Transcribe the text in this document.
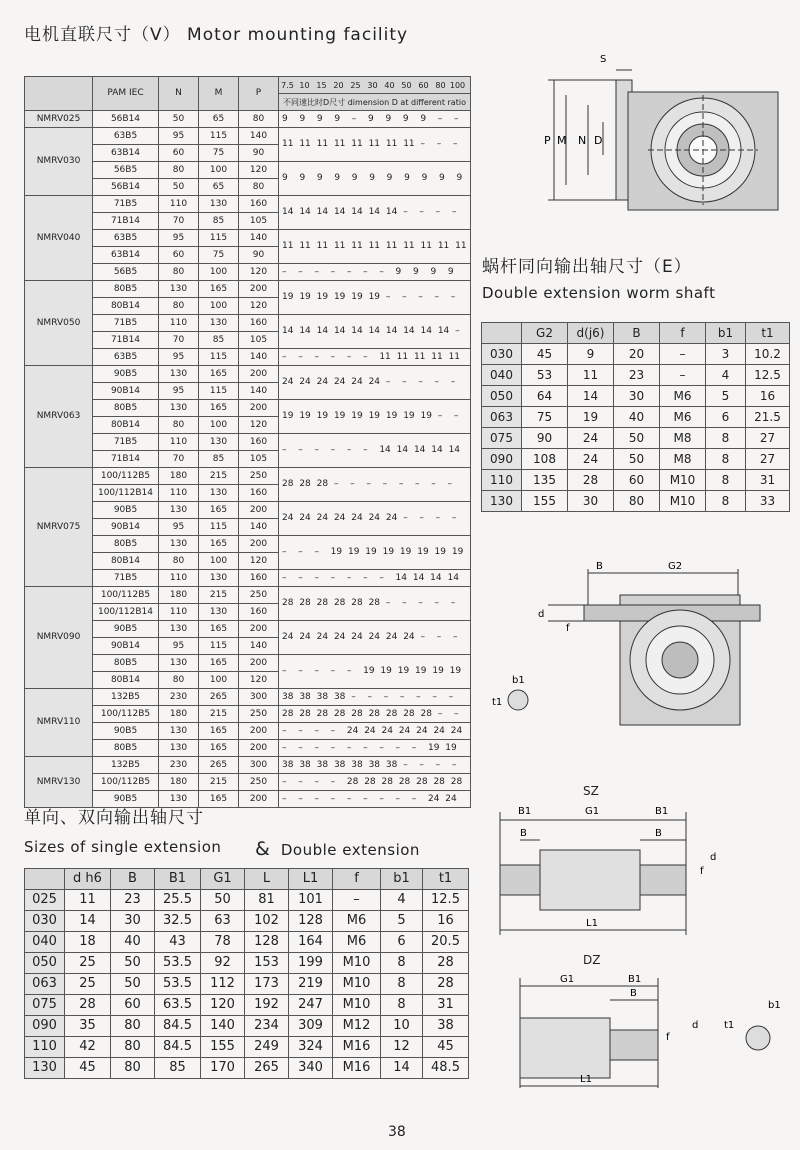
电机直联尺寸（V） Motor mounting facility
	PAM IEC	N	M	P	7.5 10 15 20 25 30 40 50 60 80 100
					不同速比时D尺寸 dimension D at different ratio
NMRV025	56B14	50	65	80	9  9  9  9  –  9  9  9  9  –  –
NMRV030	63B5	95	115	140	11 11 11 11 11 11 11 11 –  –  –
	63B14	60	75	90	
	56B5	80	100	120	9  9  9  9  9  9  9  9  9  9  9
	56B14	50	65	80	
NMRV040	71B5	110	130	160	14 14 14 14 14 14 14 –  –  –  –
	71B14	70	85	105	
	63B5	95	115	140	11 11 11 11 11 11 11 11 11 11 11
	63B14	60	75	90	
	56B5	80	100	120	–  –  –  –  –  –  –  9  9  9  9
NMRV050	80B5	130	165	200	19 19 19 19 19 19 –  –  –  –  –
	80B14	80	100	120	
	71B5	110	130	160	14 14 14 14 14 14 14 14 14 14 –
	71B14	70	85	105	
	63B5	95	115	140	–  –  –  –  –  –  11 11 11 11 11
NMRV063	90B5	130	165	200	24 24 24 24 24 24 –  –  –  –  –
	90B14	95	115	140	
	80B5	130	165	200	19 19 19 19 19 19 19 19 19 –  –
	80B14	80	100	120	
	71B5	110	130	160	–  –  –  –  –  –  14 14 14 14 14
	71B14	70	85	105	
NMRV075	100/112B5	180	215	250	28 28 28 –  –  –  –  –  –  –  –
	100/112B14	110	130	160	
	90B5	130	165	200	24 24 24 24 24 24 24 –  –  –  –
	90B14	95	115	140	
	80B5	130	165	200	–  –  –  19 19 19 19 19 19 19 19
	80B14	80	100	120	
	71B5	110	130	160	–  –  –  –  –  –  –  14 14 14 14
NMRV090	100/112B5	180	215	250	28 28 28 28 28 28 –  –  –  –  –
	100/112B14	110	130	160	
	90B5	130	165	200	24 24 24 24 24 24 24 24 –  –  –
	90B14	95	115	140	
	80B5	130	165	200	–  –  –  –  –  19 19 19 19 19 19
	80B14	80	100	120	
NMRV110	132B5	230	265	300	38 38 38 38 –  –  –  –  –  –  –
	100/112B5	180	215	250	28 28 28 28 28 28 28 28 28 –  –
	90B5	130	165	200	–  –  –  –  24 24 24 24 24 24 24
	80B5	130	165	200	–  –  –  –  –  –  –  –  –  19 19
NMRV130	132B5	230	265	300	38 38 38 38 38 38 38 –  –  –  –
	100/112B5	180	215	250	–  –  –  –  28 28 28 28 28 28 28
	90B5	130	165	200	–  –  –  –  –  –  –  –  –  24 24
P M N D
S
蜗杆同向输出轴尺寸（E）
Double extension worm shaft
	G2	d(j6)	B	f	b1	t1
030	45	9	20	–	3	10.2
040	53	11	23	–	4	12.5
050	64	14	30	M6	5	16
063	75	19	40	M6	6	21.5
075	90	24	50	M8	8	27
090	108	24	50	M8	8	27
110	135	28	60	M10	8	31
130	155	30	80	M10	8	33
B	G2
d
f
b1
t1
SZ
B1	G1	B1
B	B
L1
d
f
DZ
G1	B1
B
L1
d
f
t1
b1
单向、双向输出轴尺寸
Sizes of single extension & Double extension
	d h6	B	B1	G1	L	L1	f	b1	t1
025	11	23	25.5	50	81	101	–	4	12.5
030	14	30	32.5	63	102	128	M6	5	16
040	18	40	43	78	128	164	M6	6	20.5
050	25	50	53.5	92	153	199	M10	8	28
063	25	50	53.5	112	173	219	M10	8	28
075	28	60	63.5	120	192	247	M10	8	31
090	35	80	84.5	140	234	309	M12	10	38
110	42	80	84.5	155	249	324	M16	12	45
130	45	80	85	170	265	340	M16	14	48.5
38
